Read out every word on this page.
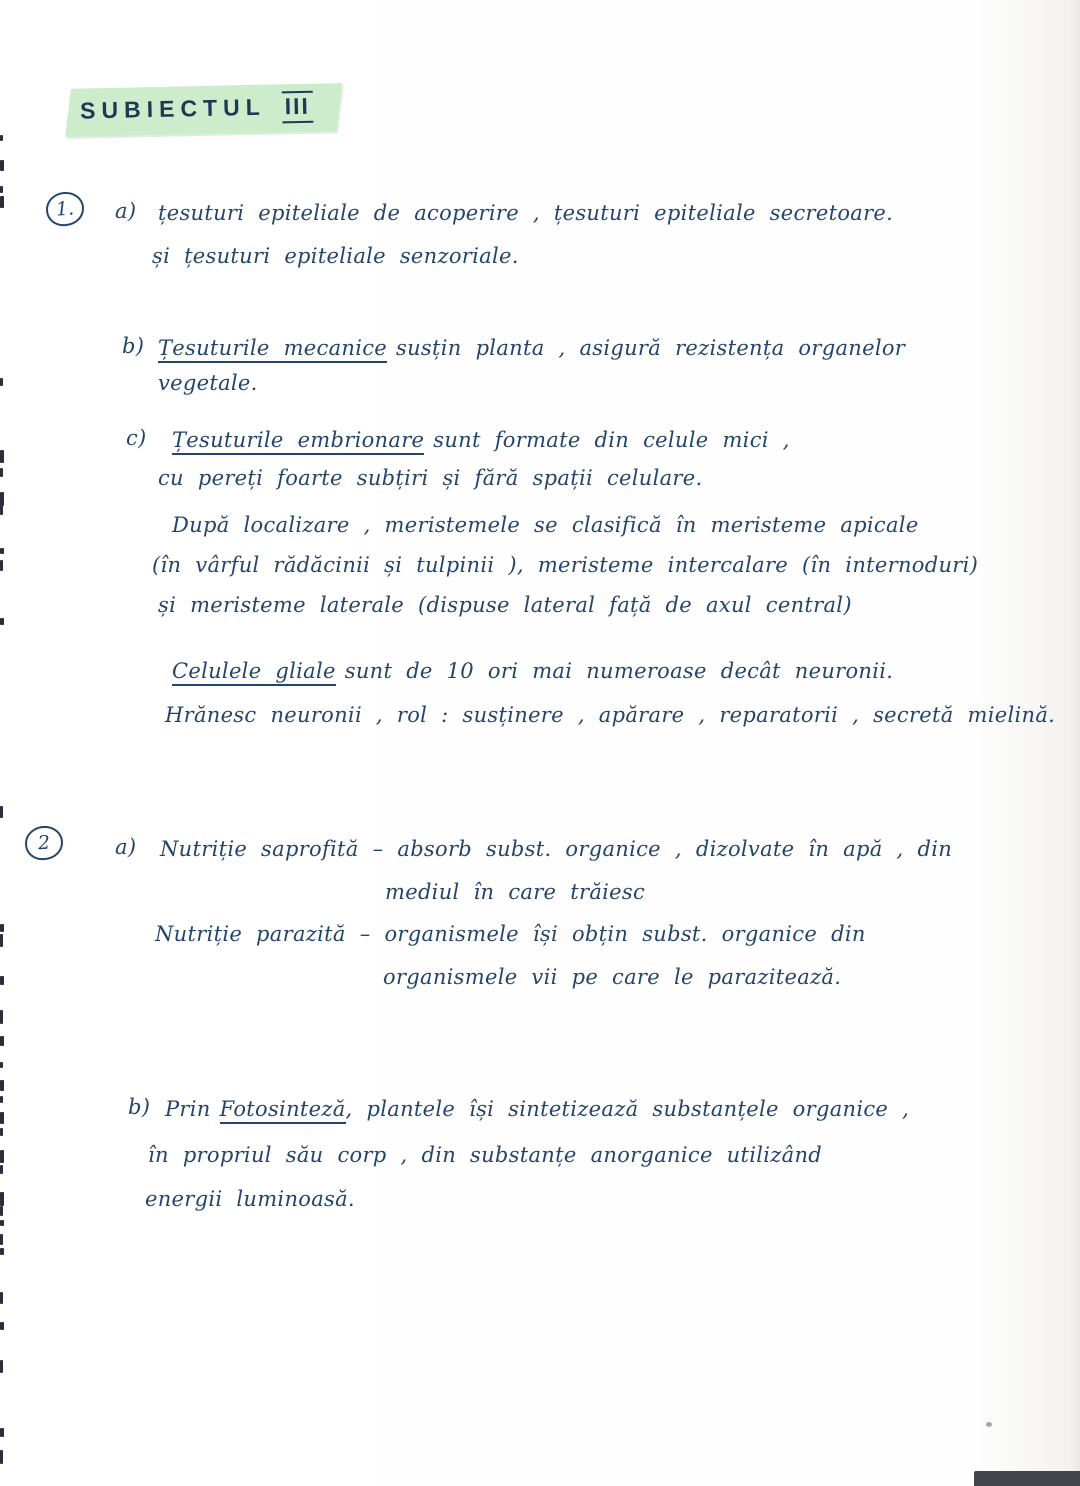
SUBIECTUL III
1.	a) țesuturi epiteliale de acoperire , țesuturi epiteliale secretoare.
și țesuturi epiteliale senzoriale.
b) Țesuturile mecanice susțin planta , asigură rezistența organelor
vegetale.
c) Țesuturile embrionare sunt formate din celule mici ,
cu pereți foarte subțiri și fără spații celulare.
După localizare , meristemele se clasifică în meristeme apicale
(în vârful rădăcinii și tulpinii ), meristeme intercalare (în internoduri)
și meristeme laterale (dispuse lateral față de axul central)
Celulele gliale sunt de 10 ori mai numeroase decât neuronii.
Hrănesc neuronii , rol : susținere , apărare , reparatorii , secretă mielină.
2	a) Nutriție saprofită – absorb subst. organice , dizolvate în apă , din
mediul în care trăiesc
Nutriție parazită – organismele își obțin subst. organice din
organismele vii pe care le parazitează.
b) Prin Fotosinteză, plantele își sintetizează substanțele organice ,
în propriul său corp , din substanțe anorganice utilizând
energii luminoasă.
